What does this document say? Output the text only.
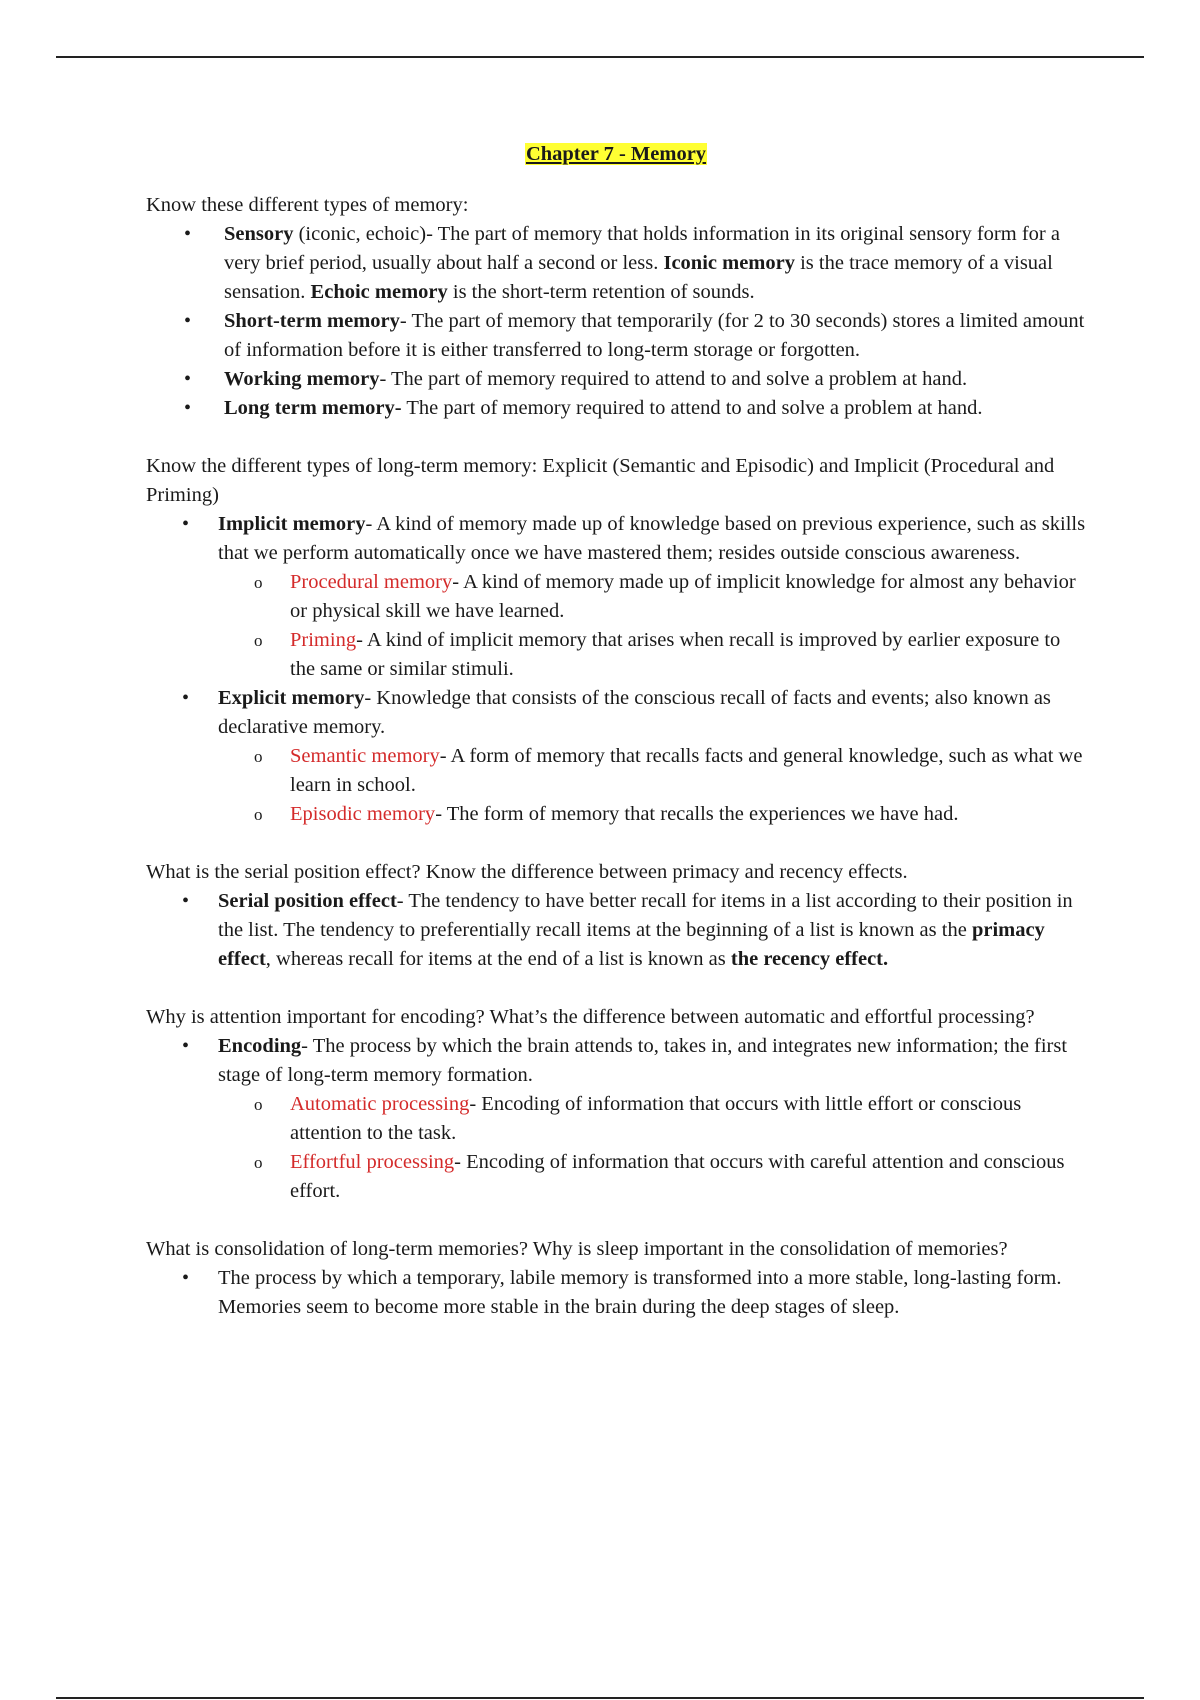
Chapter 7 - Memory

Know these different types of memory:

• Sensory (iconic, echoic)- The part of memory that holds information in its original sensory form for a very brief period, usually about half a second or less. Iconic memory is the trace memory of a visual sensation. Echoic memory is the short-term retention of sounds.
• Short-term memory- The part of memory that temporarily (for 2 to 30 seconds) stores a limited amount of information before it is either transferred to long-term storage or forgotten.
• Working memory- The part of memory required to attend to and solve a problem at hand.
• Long term memory- The part of memory required to attend to and solve a problem at hand.

Know the different types of long-term memory: Explicit (Semantic and Episodic) and Implicit (Procedural and Priming)

• Implicit memory- A kind of memory made up of knowledge based on previous experience, such as skills that we perform automatically once we have mastered them; resides outside conscious awareness.
o Procedural memory- A kind of memory made up of implicit knowledge for almost any behavior or physical skill we have learned.
o Priming- A kind of implicit memory that arises when recall is improved by earlier exposure to the same or similar stimuli.
• Explicit memory- Knowledge that consists of the conscious recall of facts and events; also known as declarative memory.
o Semantic memory- A form of memory that recalls facts and general knowledge, such as what we learn in school.
o Episodic memory- The form of memory that recalls the experiences we have had.

What is the serial position effect? Know the difference between primacy and recency effects.

• Serial position effect- The tendency to have better recall for items in a list according to their position in the list. The tendency to preferentially recall items at the beginning of a list is known as the primacy effect, whereas recall for items at the end of a list is known as the recency effect.

Why is attention important for encoding? What’s the difference between automatic and effortful processing?

• Encoding- The process by which the brain attends to, takes in, and integrates new information; the first stage of long-term memory formation.
o Automatic processing- Encoding of information that occurs with little effort or conscious attention to the task.
o Effortful processing- Encoding of information that occurs with careful attention and conscious effort.

What is consolidation of long-term memories? Why is sleep important in the consolidation of memories?

• The process by which a temporary, labile memory is transformed into a more stable, long-lasting form. Memories seem to become more stable in the brain during the deep stages of sleep.
